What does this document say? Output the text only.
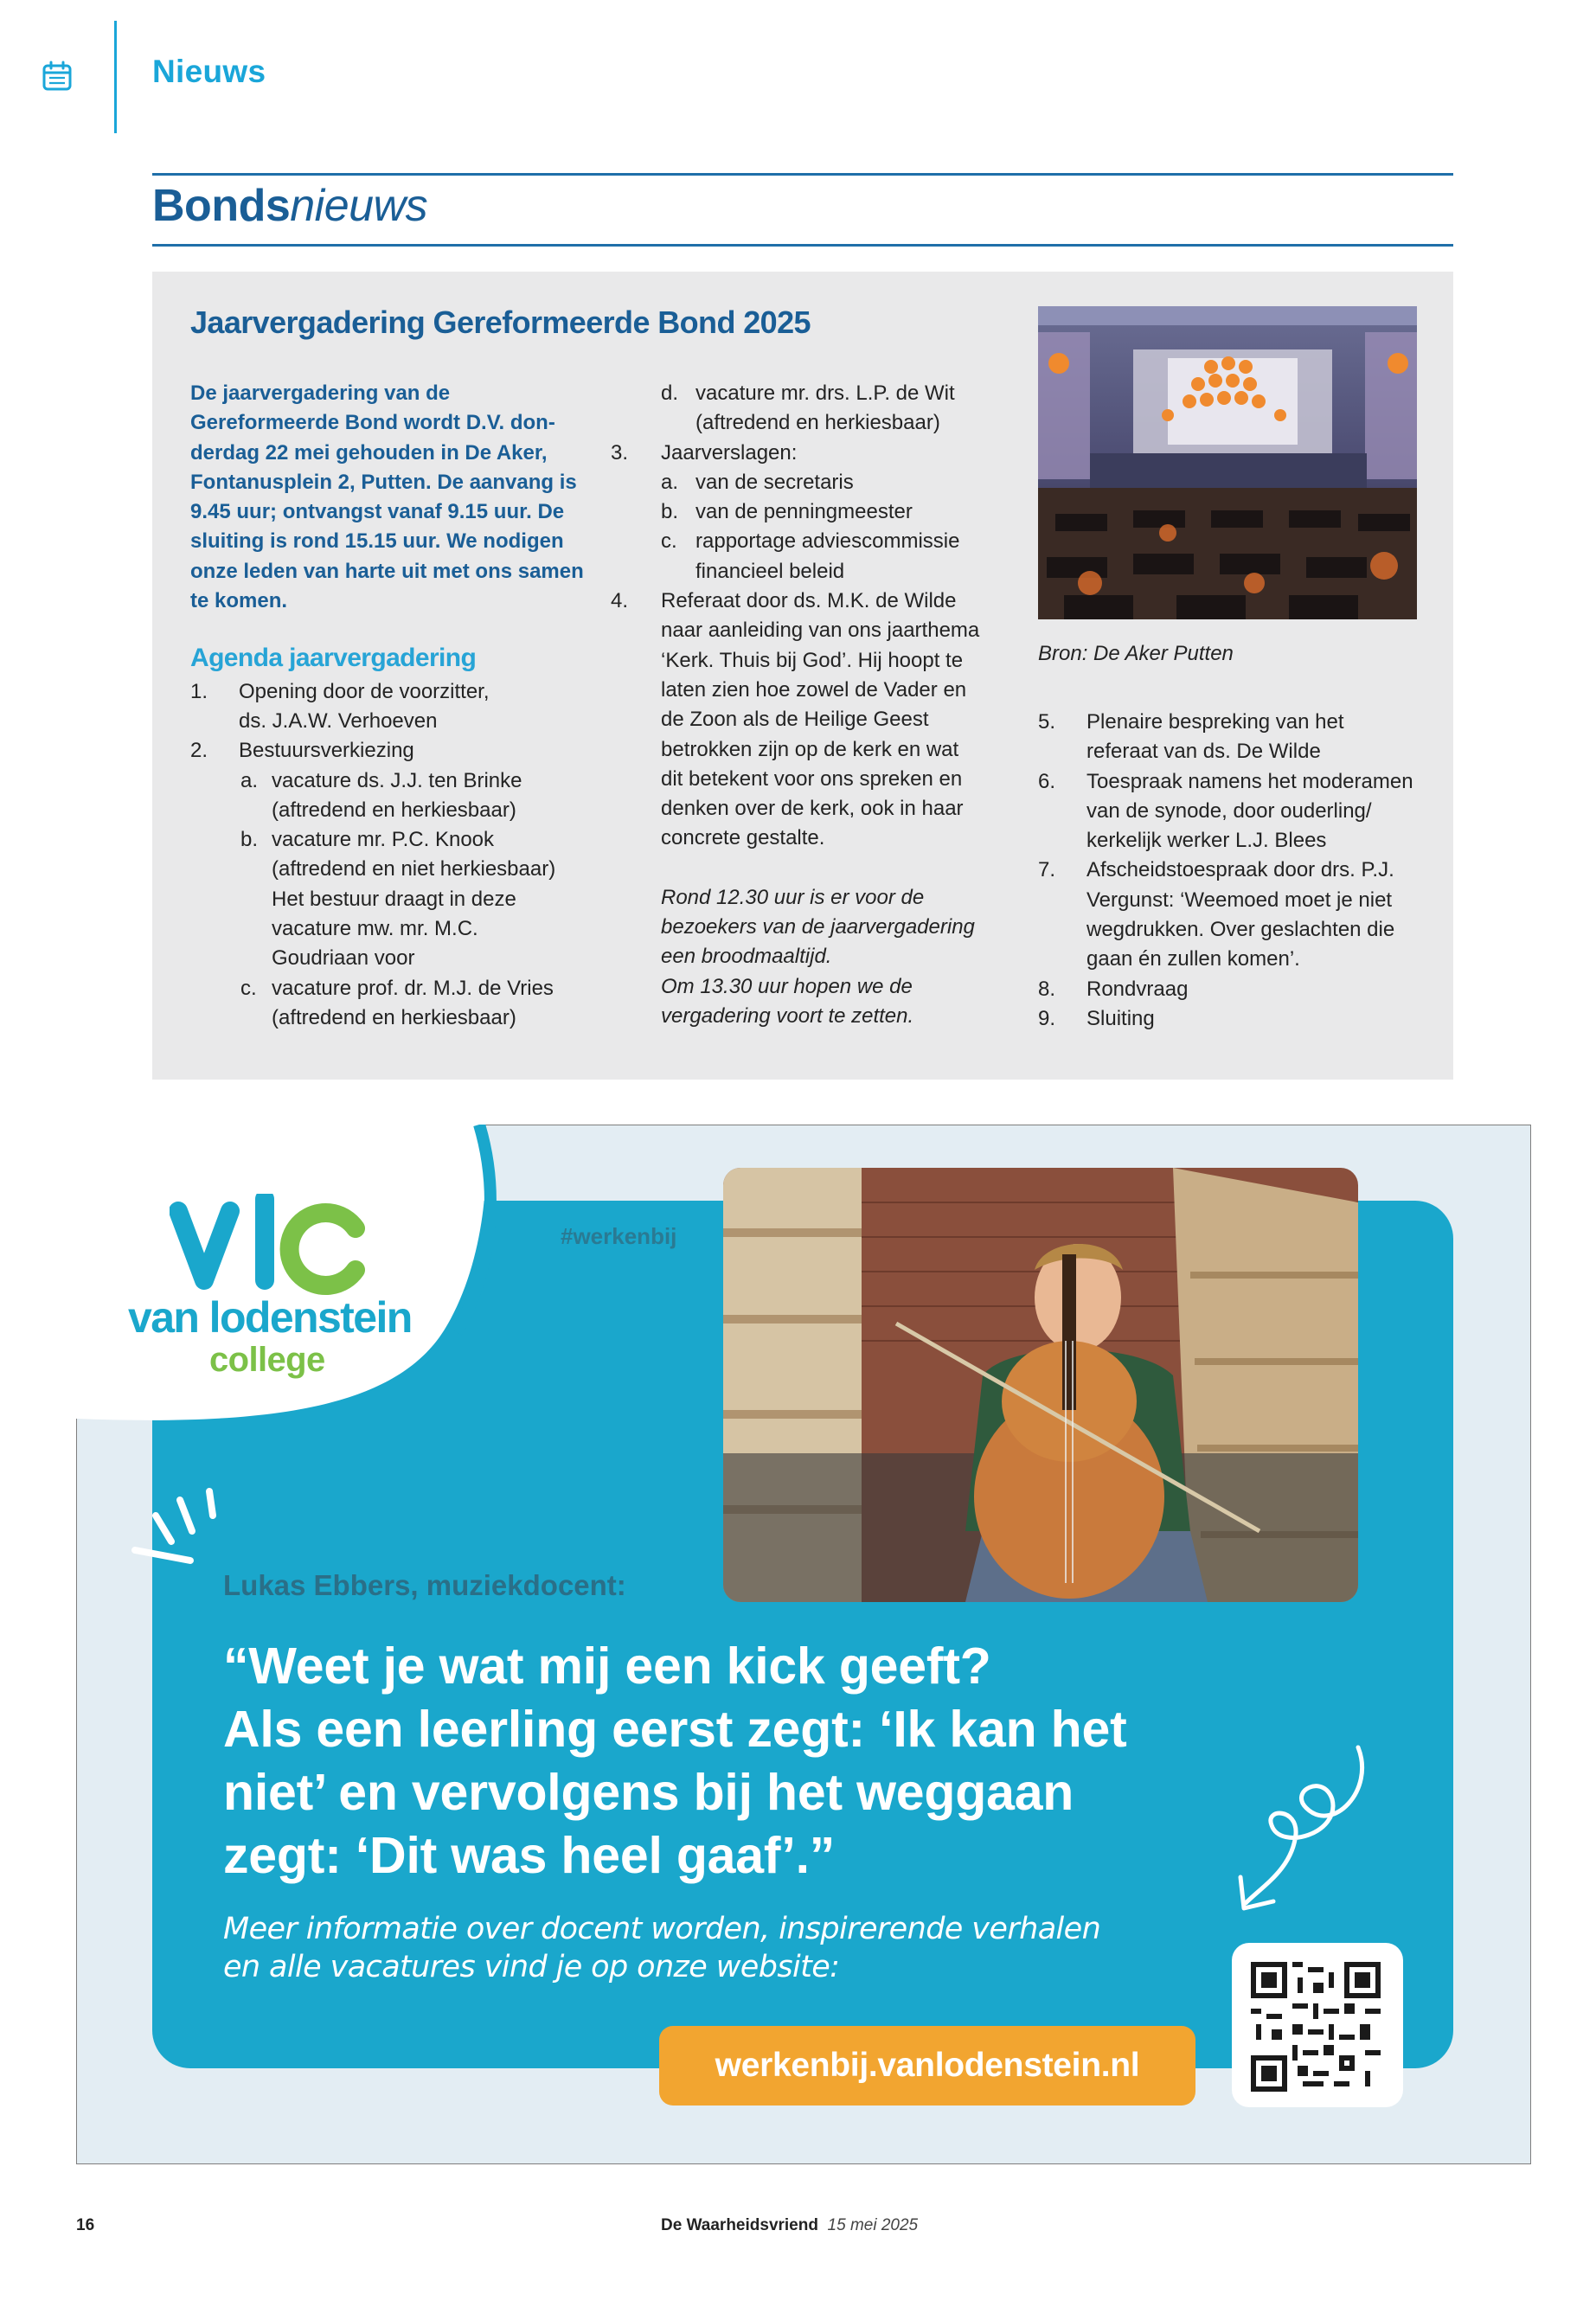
Nieuws
Bondsnieuws
Jaarvergadering Gereformeerde Bond 2025
De jaarvergadering van de
Gereformeerde Bond wordt D.V. don-
derdag 22 mei gehouden in De Aker,
Fontanusplein 2, Putten. De aanvang is
9.45 uur; ontvangst vanaf 9.15 uur. De
sluiting is rond 15.15 uur. We nodigen
onze leden van harte uit met ons samen
te komen.
Agenda jaarvergadering
1. Opening door de voorzitter,
ds. J.A.W. Verhoeven
2. Bestuursverkiezing
a. vacature ds. J.J. ten Brinke
(aftredend en herkiesbaar)
b. vacature mr. P.C. Knook
(aftredend en niet herkiesbaar)
Het bestuur draagt in deze
vacature mw. mr. M.C.
Goudriaan voor
c. vacature prof. dr. M.J. de Vries
(aftredend en herkiesbaar)
d. vacature mr. drs. L.P. de Wit
(aftredend en herkiesbaar)
3. Jaarverslagen:
a. van de secretaris
b. van de penningmeester
c. rapportage adviescommissie
financieel beleid
4. Referaat door ds. M.K. de Wilde
naar aanleiding van ons jaarthema
‘Kerk. Thuis bij God’. Hij hoopt te
laten zien hoe zowel de Vader en
de Zoon als de Heilige Geest
betrokken zijn op de kerk en wat
dit betekent voor ons spreken en
denken over de kerk, ook in haar
concrete gestalte.
Rond 12.30 uur is er voor de
bezoekers van de jaarvergadering
een broodmaaltijd.
Om 13.30 uur hopen we de
vergadering voort te zetten.
Bron: De Aker Putten
5. Plenaire bespreking van het
referaat van ds. De Wilde
6. Toespraak namens het moderamen
van de synode, door ouderling/
kerkelijk werker L.J. Blees
7. Afscheidstoespraak door drs. P.J.
Vergunst: ‘Weemoed moet je niet
wegdrukken. Over geslachten die
gaan én zullen komen’.
8. Rondvraag
9. Sluiting
van lodenstein
college
#werkenbij
Lukas Ebbers, muziekdocent:
“Weet je wat mij een kick geeft?
Als een leerling eerst zegt: ‘Ik kan het
niet’ en vervolgens bij het weggaan
zegt: ‘Dit was heel gaaf’.”
Meer informatie over docent worden, inspirerende verhalen
en alle vacatures vind je op onze website:
werkenbij.vanlodenstein.nl
16	De Waarheidsvriend 15 mei 2025
